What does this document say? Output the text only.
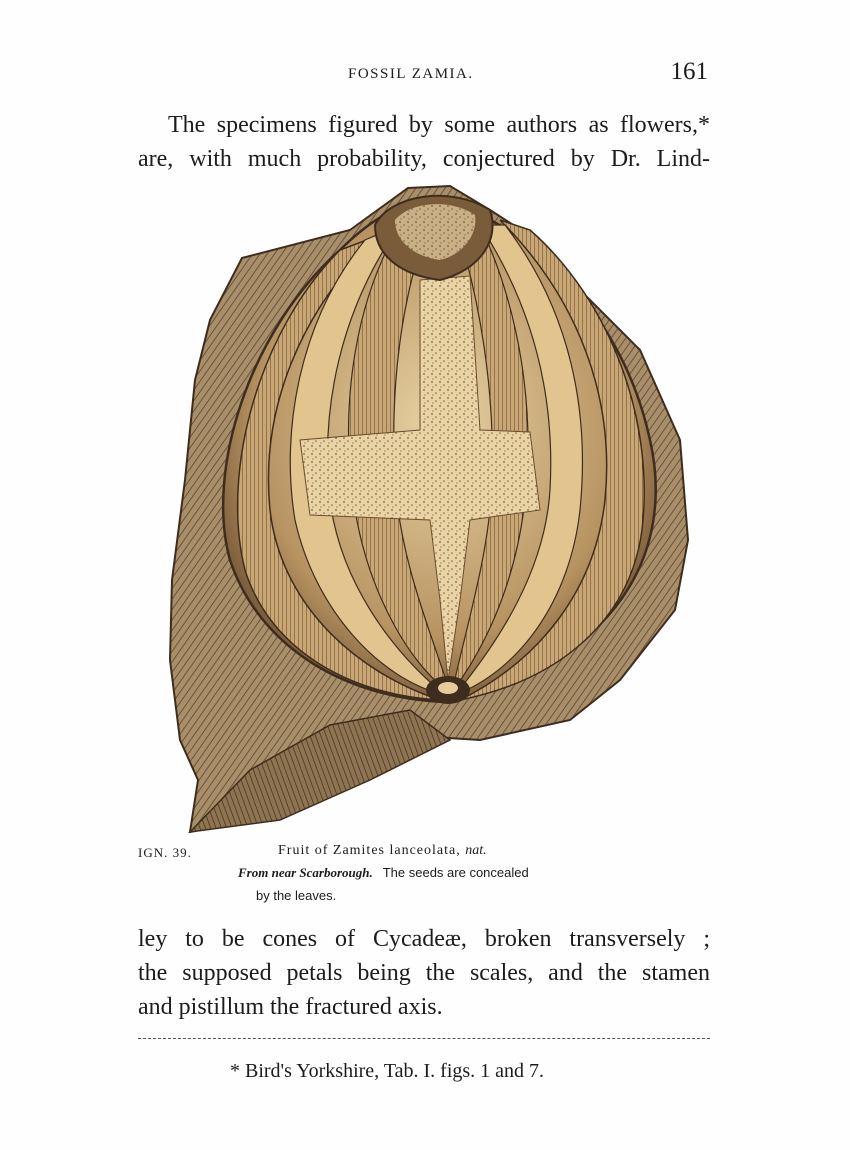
FOSSIL ZAMIA.	161
The specimens figured by some authors as flowers,*
are, with much probability, conjectured by Dr. Lind-
IGN. 39.	Fruit of Zamites lanceolata, nat.
From near Scarborough. The seeds are concealed
by the leaves.
ley to be cones of Cycadeæ, broken transversely ;
the supposed petals being the scales, and the stamen
and pistillum the fractured axis.
* Bird's Yorkshire, Tab. I. figs. 1 and 7.
